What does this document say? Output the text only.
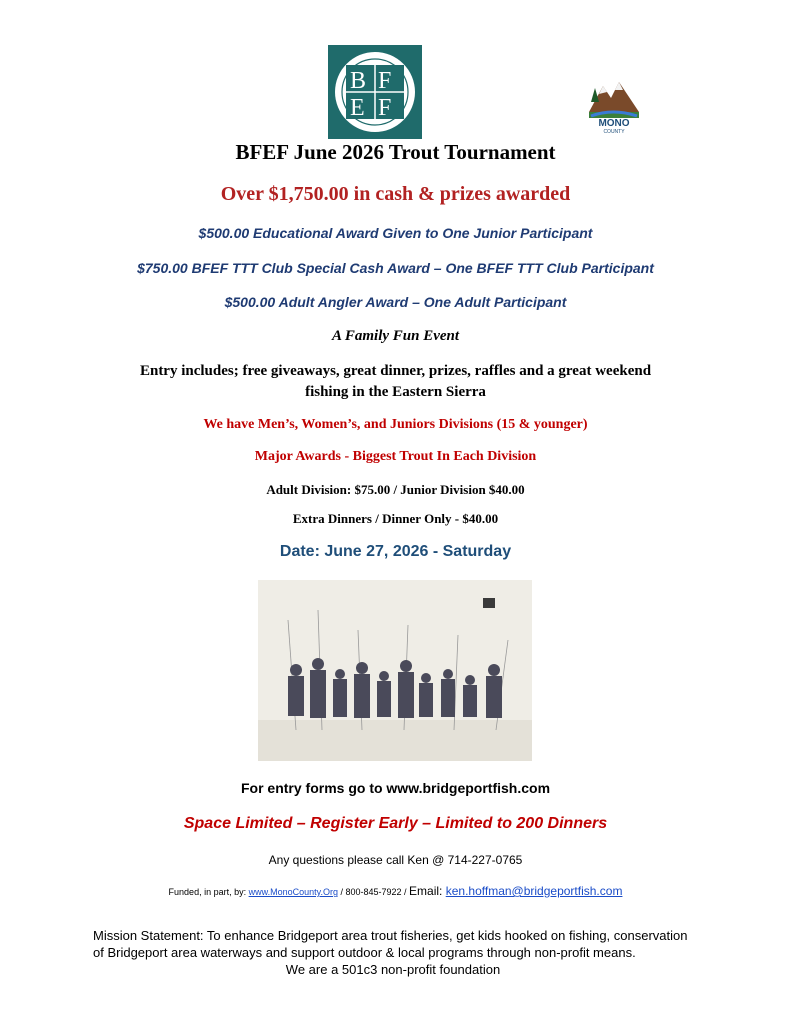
B F
E F
MONO
COUNTY
BFEF June 2026 Trout Tournament
Over $1,750.00 in cash & prizes awarded
$500.00 Educational Award Given to One Junior Participant
$750.00 BFEF TTT Club Special Cash Award – One BFEF TTT Club Participant
$500.00 Adult Angler Award – One Adult Participant
A Family Fun Event
Entry includes; free giveaways, great dinner, prizes, raffles and a great weekend
fishing in the Eastern Sierra
We have Men’s, Women’s, and Juniors Divisions (15 & younger)
Major Awards - Biggest Trout In Each Division
Adult Division: $75.00 / Junior Division $40.00
Extra Dinners / Dinner Only - $40.00
Date: June 27, 2026 - Saturday
For entry forms go to www.bridgeportfish.com
Space Limited – Register Early – Limited to 200 Dinners
Any questions please call Ken @ 714-227-0765
Funded, in part, by: www.MonoCounty.Org / 800-845-7922 / Email: ken.hoffman@bridgeportfish.com
Mission Statement: To enhance Bridgeport area trout fisheries, get kids hooked on fishing, conservation
of Bridgeport area waterways and support outdoor & local programs through non-profit means.

We are a 501c3 non-profit foundation
